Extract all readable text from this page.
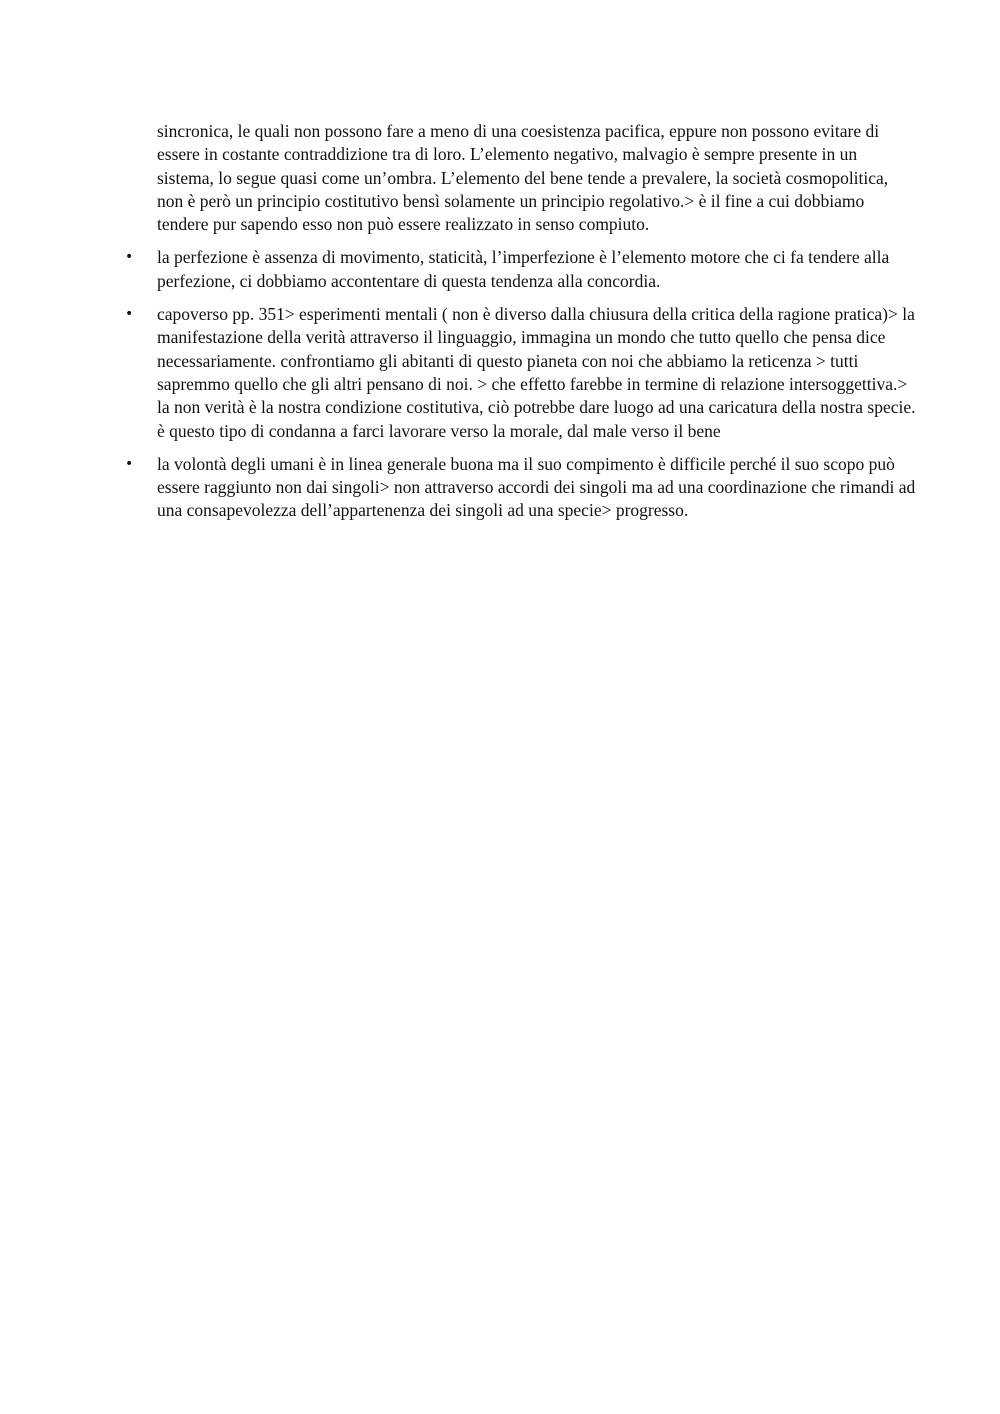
sincronica, le quali non possono fare a meno di una coesistenza pacifica, eppure non possono evitare di essere in costante contraddizione tra di loro. L’elemento negativo, malvagio è sempre presente in un sistema, lo segue quasi come un’ombra. L’elemento del bene tende a prevalere, la società cosmopolitica, non è però un principio costitutivo bensì solamente un principio regolativo.> è il fine a cui dobbiamo tendere pur sapendo esso non può essere realizzato in senso compiuto.

• la perfezione è assenza di movimento, staticità, l’imperfezione è l’elemento motore che ci fa tendere alla perfezione, ci dobbiamo accontentare di questa tendenza alla concordia.
• capoverso pp. 351> esperimenti mentali ( non è diverso dalla chiusura della critica della ragione pratica)> la manifestazione della verità attraverso il linguaggio, immagina un mondo che tutto quello che pensa dice necessariamente. confrontiamo gli abitanti di questo pianeta con noi che abbiamo la reticenza > tutti sapremmo quello che gli altri pensano di noi. > che effetto farebbe in termine di relazione intersoggettiva.> la non verità è la nostra condizione costitutiva, ciò potrebbe dare luogo ad una caricatura della nostra specie. è questo tipo di condanna a farci lavorare verso la morale, dal male verso il bene
• la volontà degli umani è in linea generale buona ma il suo compimento è difficile perché il suo scopo può essere raggiunto non dai singoli> non attraverso accordi dei singoli ma ad una coordinazione che rimandi ad una consapevolezza dell’appartenenza dei singoli ad una specie> progresso.
